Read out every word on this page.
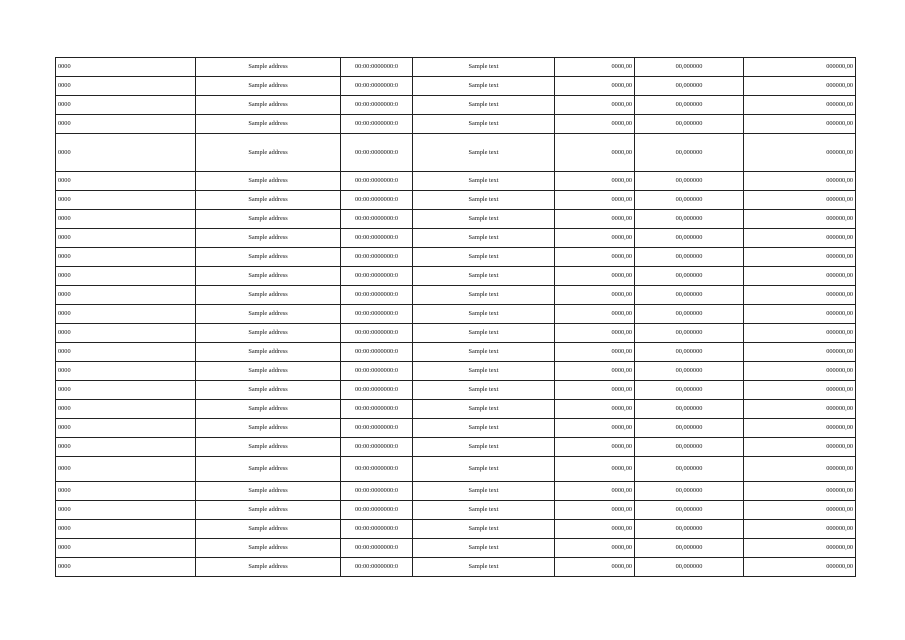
0000	Sample address	00:00:0000000:0	Sample text	0000,00	00,000000	000000,00
0000	Sample address	00:00:0000000:0	Sample text	0000,00	00,000000	000000,00
0000	Sample address	00:00:0000000:0	Sample text	0000,00	00,000000	000000,00
0000	Sample address	00:00:0000000:0	Sample text	0000,00	00,000000	000000,00
0000	Sample address	00:00:0000000:0	Sample text	0000,00	00,000000	000000,00
0000	Sample address	00:00:0000000:0	Sample text	0000,00	00,000000	000000,00
0000	Sample address	00:00:0000000:0	Sample text	0000,00	00,000000	000000,00
0000	Sample address	00:00:0000000:0	Sample text	0000,00	00,000000	000000,00
0000	Sample address	00:00:0000000:0	Sample text	0000,00	00,000000	000000,00
0000	Sample address	00:00:0000000:0	Sample text	0000,00	00,000000	000000,00
0000	Sample address	00:00:0000000:0	Sample text	0000,00	00,000000	000000,00
0000	Sample address	00:00:0000000:0	Sample text	0000,00	00,000000	000000,00
0000	Sample address	00:00:0000000:0	Sample text	0000,00	00,000000	000000,00
0000	Sample address	00:00:0000000:0	Sample text	0000,00	00,000000	000000,00
0000	Sample address	00:00:0000000:0	Sample text	0000,00	00,000000	000000,00
0000	Sample address	00:00:0000000:0	Sample text	0000,00	00,000000	000000,00
0000	Sample address	00:00:0000000:0	Sample text	0000,00	00,000000	000000,00
0000	Sample address	00:00:0000000:0	Sample text	0000,00	00,000000	000000,00
0000	Sample address	00:00:0000000:0	Sample text	0000,00	00,000000	000000,00
0000	Sample address	00:00:0000000:0	Sample text	0000,00	00,000000	000000,00
0000	Sample address	00:00:0000000:0	Sample text	0000,00	00,000000	000000,00
0000	Sample address	00:00:0000000:0	Sample text	0000,00	00,000000	000000,00
0000	Sample address	00:00:0000000:0	Sample text	0000,00	00,000000	000000,00
0000	Sample address	00:00:0000000:0	Sample text	0000,00	00,000000	000000,00
0000	Sample address	00:00:0000000:0	Sample text	0000,00	00,000000	000000,00
0000	Sample address	00:00:0000000:0	Sample text	0000,00	00,000000	000000,00
